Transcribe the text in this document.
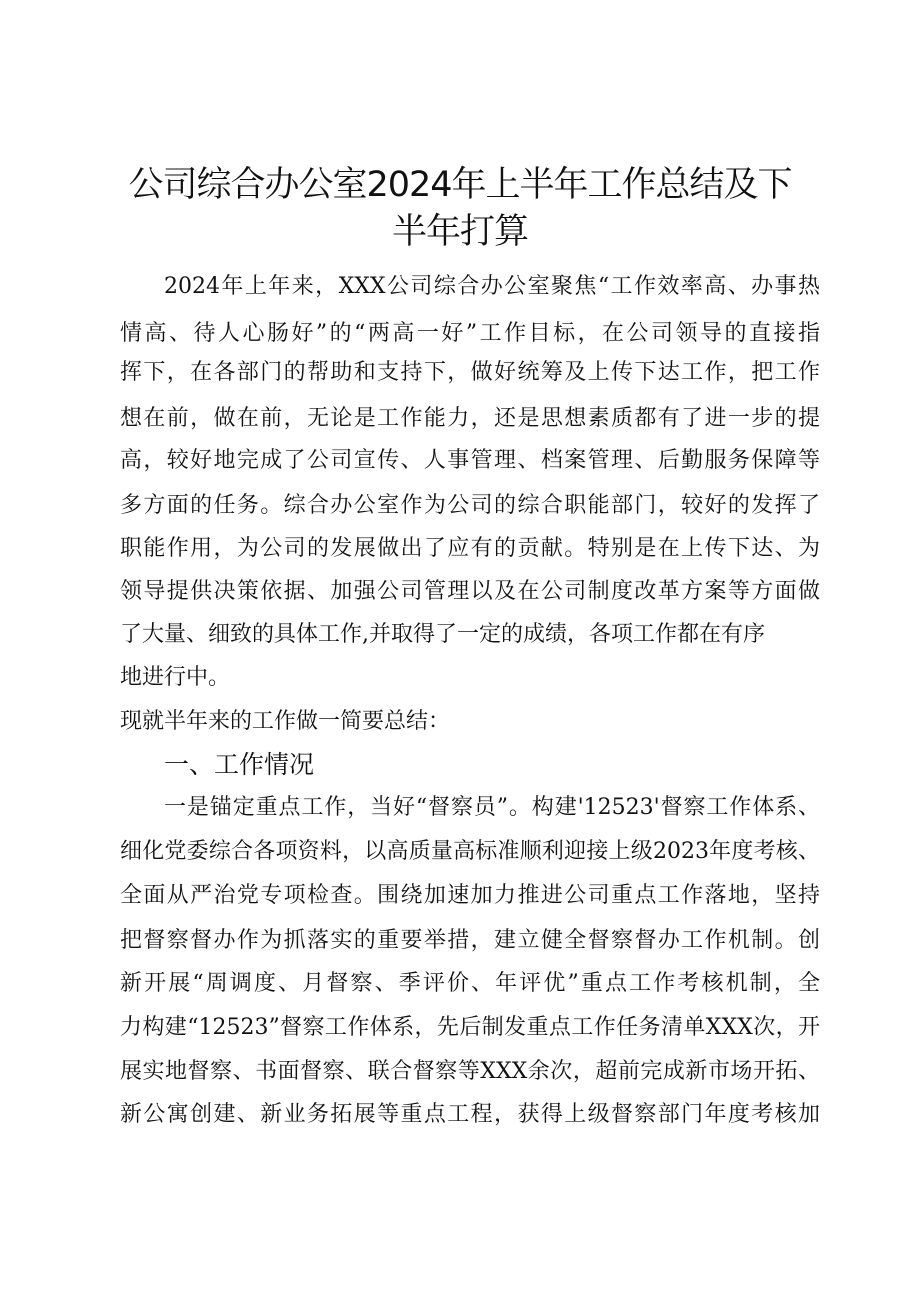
公司综合办公室2024年上半年工作总结及下
半年打算
2024年上年来，XXX公司综合办公室聚焦“工作效率高、办事热
情高、待人心肠好”的“两高一好”工作目标，在公司领导的直接指
挥下，在各部门的帮助和支持下，做好统筹及上传下达工作，把工作
想在前，做在前，无论是工作能力，还是思想素质都有了进一步的提
高，较好地完成了公司宣传、人事管理、档案管理、后勤服务保障等
多方面的任务。综合办公室作为公司的综合职能部门，较好的发挥了
职能作用，为公司的发展做出了应有的贡献。特别是在上传下达、为
领导提供决策依据、加强公司管理以及在公司制度改革方案等方面做
了大量、细致的具体工作,并取得了一定的成绩，各项工作都在有序
地进行中。
现就半年来的工作做一简要总结：
一、工作情况
一是锚定重点工作，当好“督察员”。构建'12523'督察工作体系、
细化党委综合各项资料，以高质量高标准顺利迎接上级2023年度考核、
全面从严治党专项检查。围绕加速加力推进公司重点工作落地，坚持
把督察督办作为抓落实的重要举措，建立健全督察督办工作机制。创
新开展“周调度、月督察、季评价、年评优”重点工作考核机制，全
力构建“12523”督察工作体系，先后制发重点工作任务清单XXX次，开
展实地督察、书面督察、联合督察等XXX余次，超前完成新市场开拓、
新公寓创建、新业务拓展等重点工程，获得上级督察部门年度考核加
